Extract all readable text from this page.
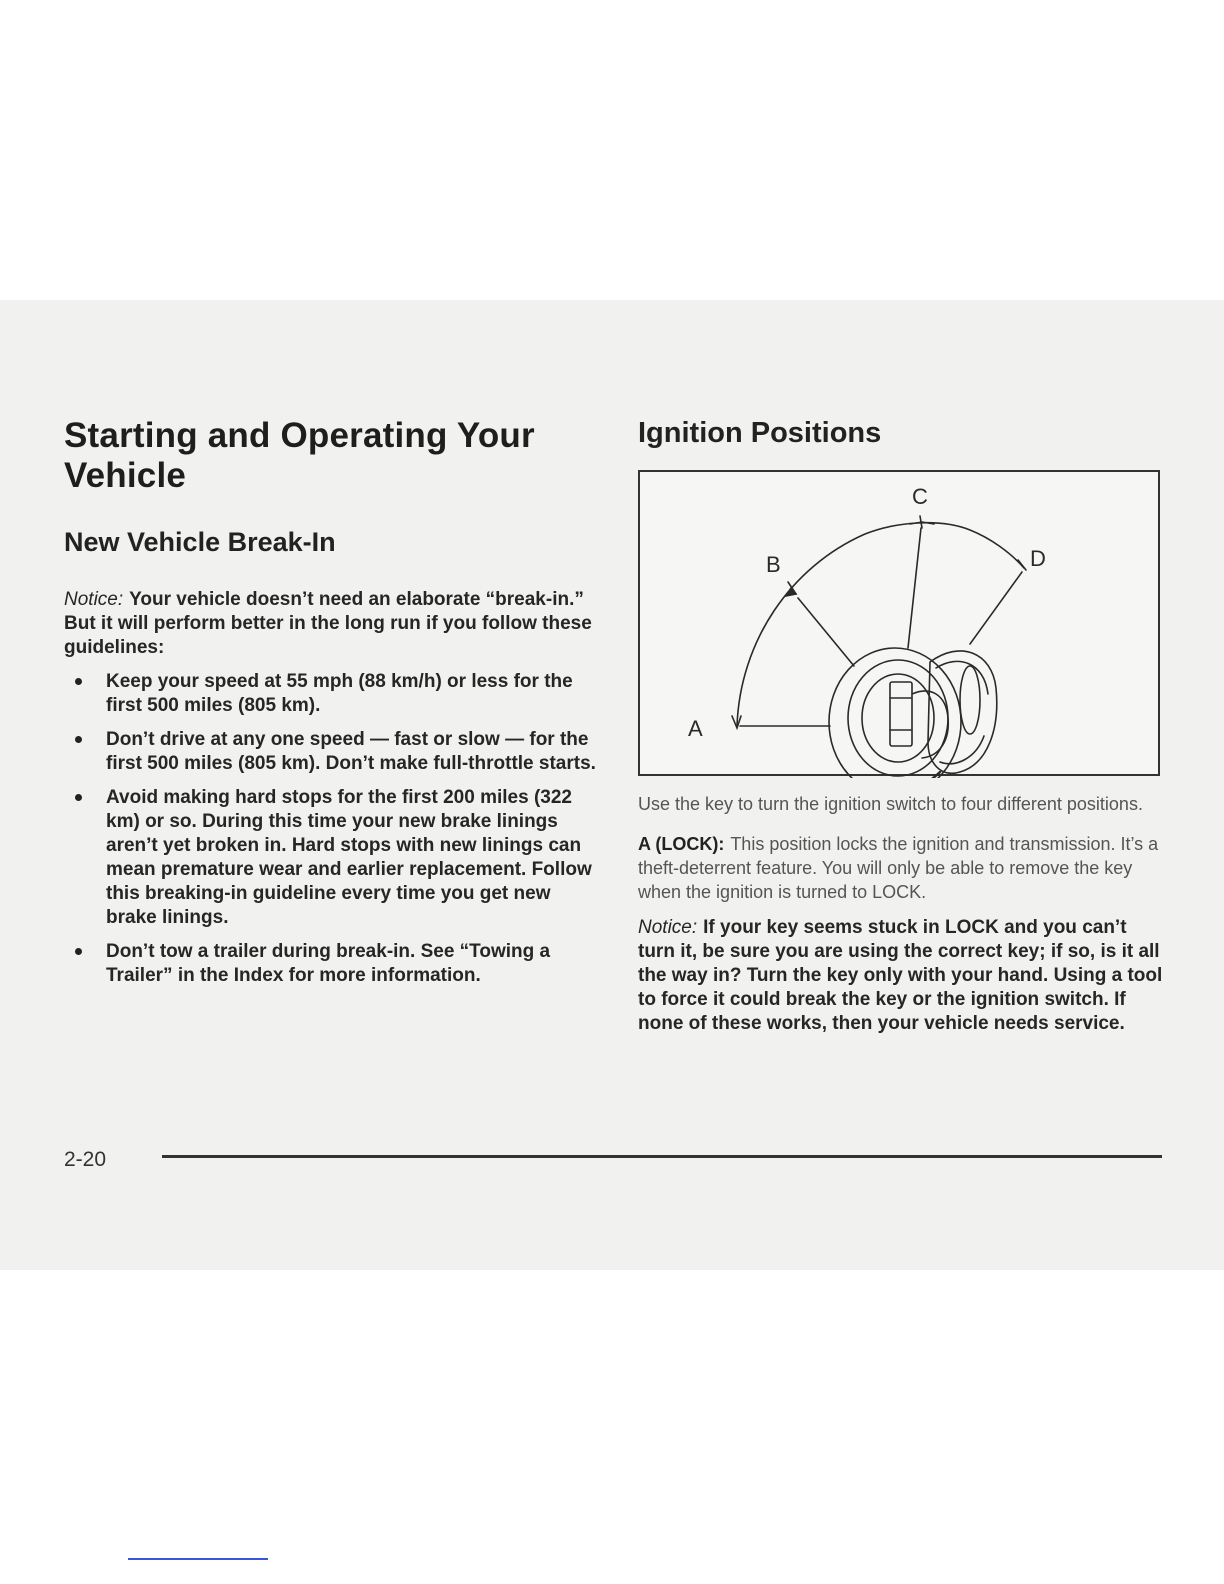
Starting and Operating Your
Vehicle
New Vehicle Break-In

Notice: Your vehicle doesn’t need an elaborate “break-in.” But it will perform better in the long run if you follow these guidelines:

Keep your speed at 55 mph (88 km/h) or less for the first 500 miles (805 km).
Don’t drive at any one speed — fast or slow — for the first 500 miles (805 km). Don’t make full-throttle starts.
Avoid making hard stops for the first 200 miles (322 km) or so. During this time your new brake linings aren’t yet broken in. Hard stops with new linings can mean premature wear and earlier replacement. Follow this breaking-in guideline every time you get new brake linings.
Don’t tow a trailer during break-in. See “Towing a Trailer” in the Index for more information.
Ignition Positions
A
B
C
D

Use the key to turn the ignition switch to four different positions.

A (LOCK): This position locks the ignition and transmission. It’s a theft-deterrent feature. You will only be able to remove the key when the ignition is turned to LOCK.

Notice: If your key seems stuck in LOCK and you can’t turn it, be sure you are using the correct key; if so, is it all the way in? Turn the key only with your hand. Using a tool to force it could break the key or the ignition switch. If none of these works, then your vehicle needs service.

2-20
